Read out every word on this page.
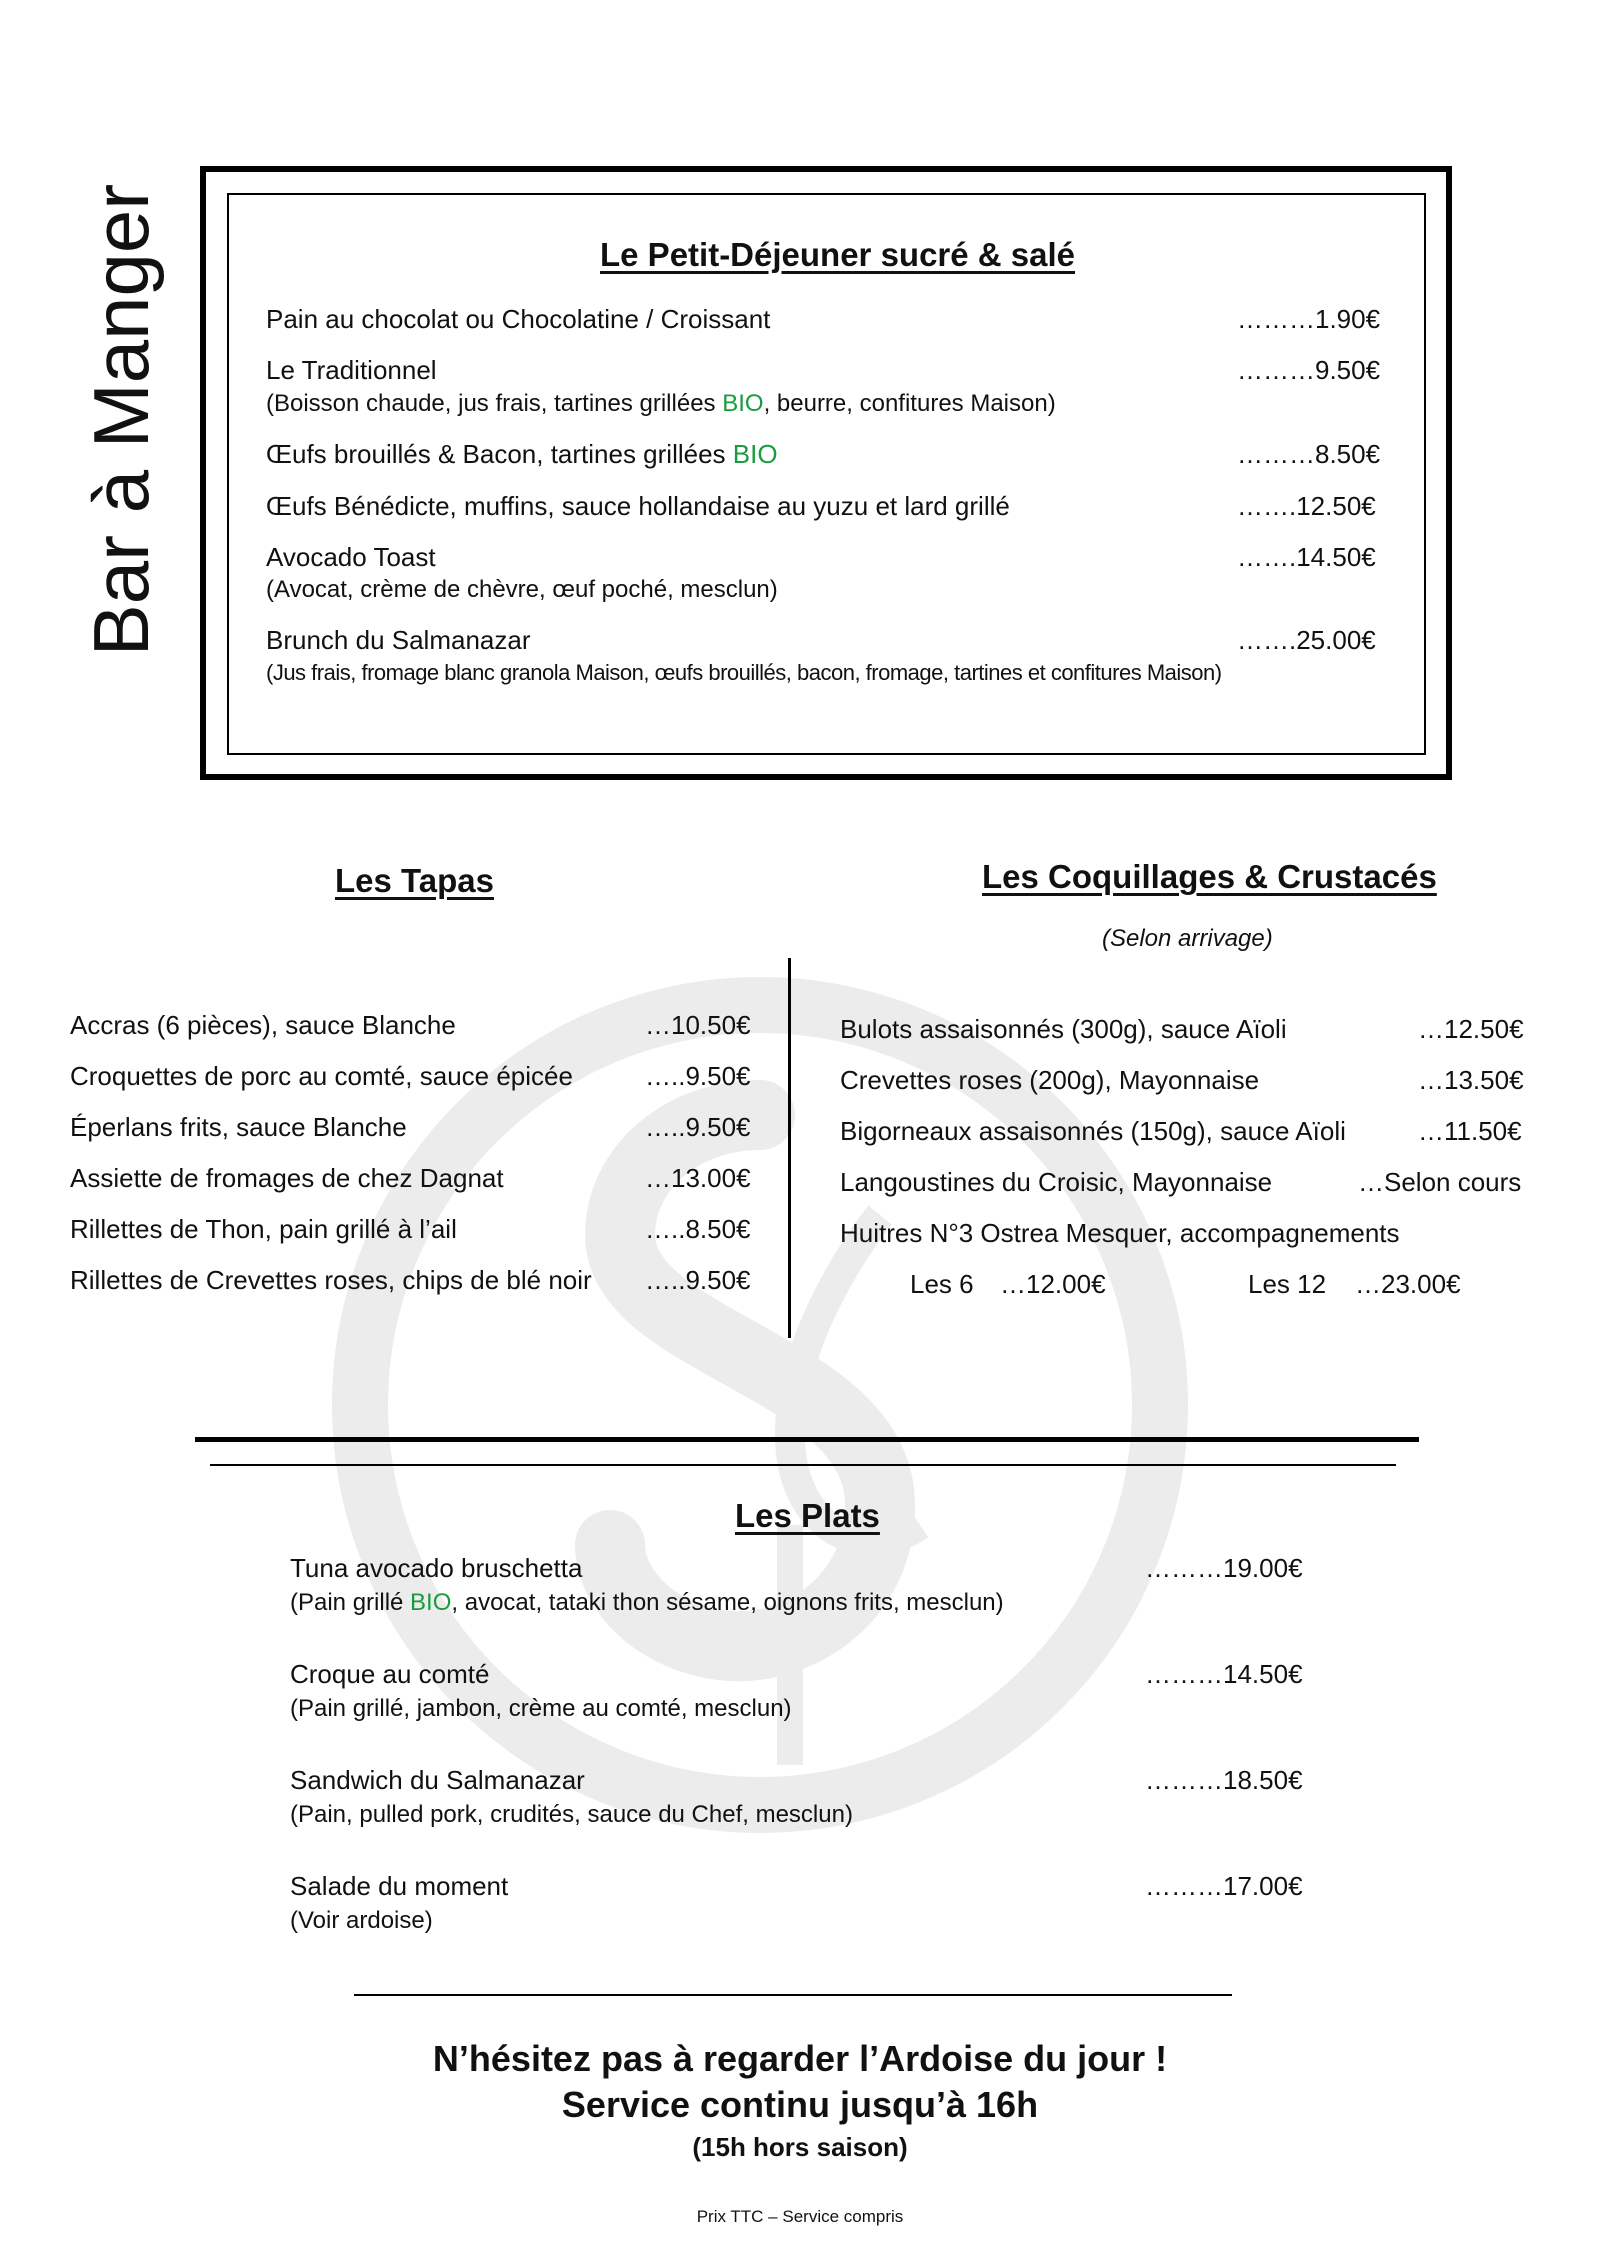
Bar à Manger	Le Petit-Déjeuner sucré & salé
Pain au chocolat ou Chocolatine / Croissant	………1.90€
Le Traditionnel	………9.50€
(Boisson chaude, jus frais, tartines grillées BIO, beurre, confitures Maison)
Œufs brouillés & Bacon, tartines grillées BIO	………8.50€
Œufs Bénédicte, muffins, sauce hollandaise au yuzu et lard grillé	…….12.50€
Avocado Toast	…….14.50€
(Avocat, crème de chèvre, œuf poché, mesclun)
Brunch du Salmanazar	…….25.00€
(Jus frais, fromage blanc granola Maison, œufs brouillés, bacon, fromage, tartines et confitures Maison)
Les Tapas
Accras (6 pièces), sauce Blanche	…10.50€
Croquettes de porc au comté, sauce épicée	…..9.50€
Éperlans frits, sauce Blanche	…..9.50€
Assiette de fromages de chez Dagnat	…13.00€
Rillettes de Thon, pain grillé à l’ail	…..8.50€
Rillettes de Crevettes roses, chips de blé noir …..9.50€
Les Coquillages & Crustacés
(Selon arrivage)
Bulots assaisonnés (300g), sauce Aïoli	…12.50€
Crevettes roses (200g), Mayonnaise	…13.50€
Bigorneaux assaisonnés (150g), sauce Aïoli	…11.50€
Langoustines du Croisic, Mayonnaise	…Selon cours
Huitres N°3 Ostrea Mesquer, accompagnements
Les 6 …12.00€	Les 12 …23.00€
Les Plats
Tuna avocado bruschetta	………19.00€
(Pain grillé BIO, avocat, tataki thon sésame, oignons frits, mesclun)
Croque au comté	………14.50€
(Pain grillé, jambon, crème au comté, mesclun)
Sandwich du Salmanazar	………18.50€
(Pain, pulled pork, crudités, sauce du Chef, mesclun)
Salade du moment	………17.00€
(Voir ardoise)
N’hésitez pas à regarder l’Ardoise du jour !
Service continu jusqu’à 16h
(15h hors saison)
Prix TTC – Service compris
